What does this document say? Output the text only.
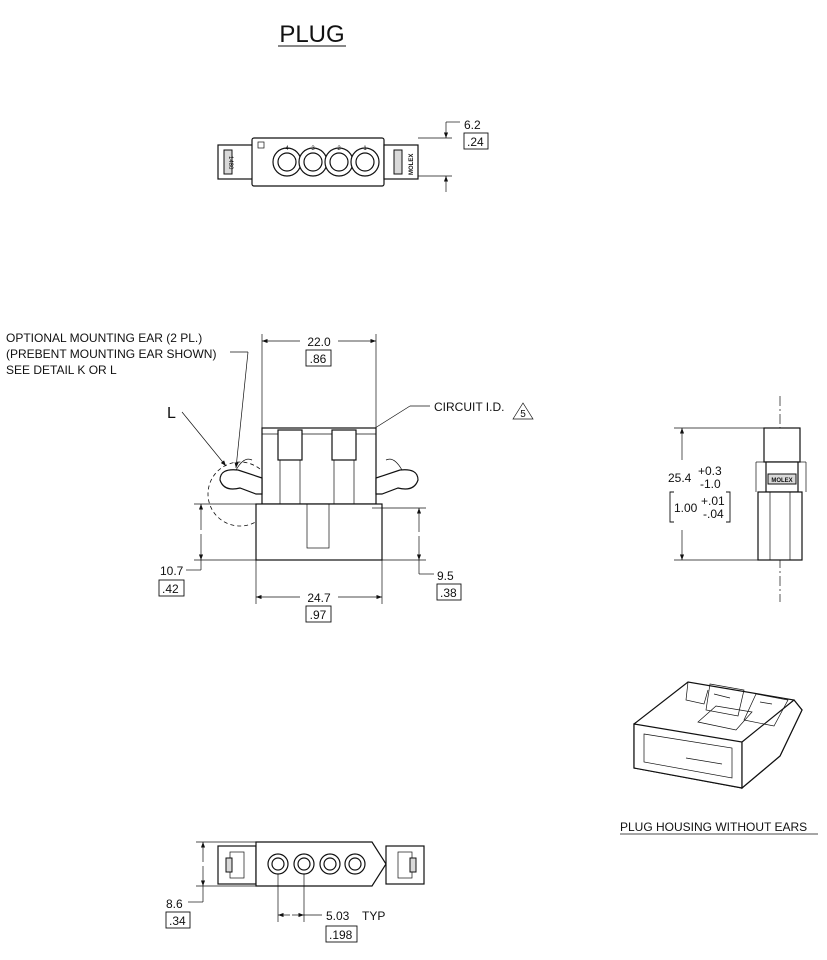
PLUG
1480	MOLEX
4	3	2	1
6.2
.24
OPTIONAL MOUNTING EAR (2 PL.)
(PREBENT MOUNTING EAR SHOWN)
SEE DETAIL K OR L
L	CIRCUIT I.D.
5
22.0
.86
24.7
.97
10.7
.42
9.5
.38
MOLEX
25.4 +0.3
-1.0
1.00 +.01
-.04
PLUG HOUSING WITHOUT EARS
8.6
.34	5.03 TYP
.198
